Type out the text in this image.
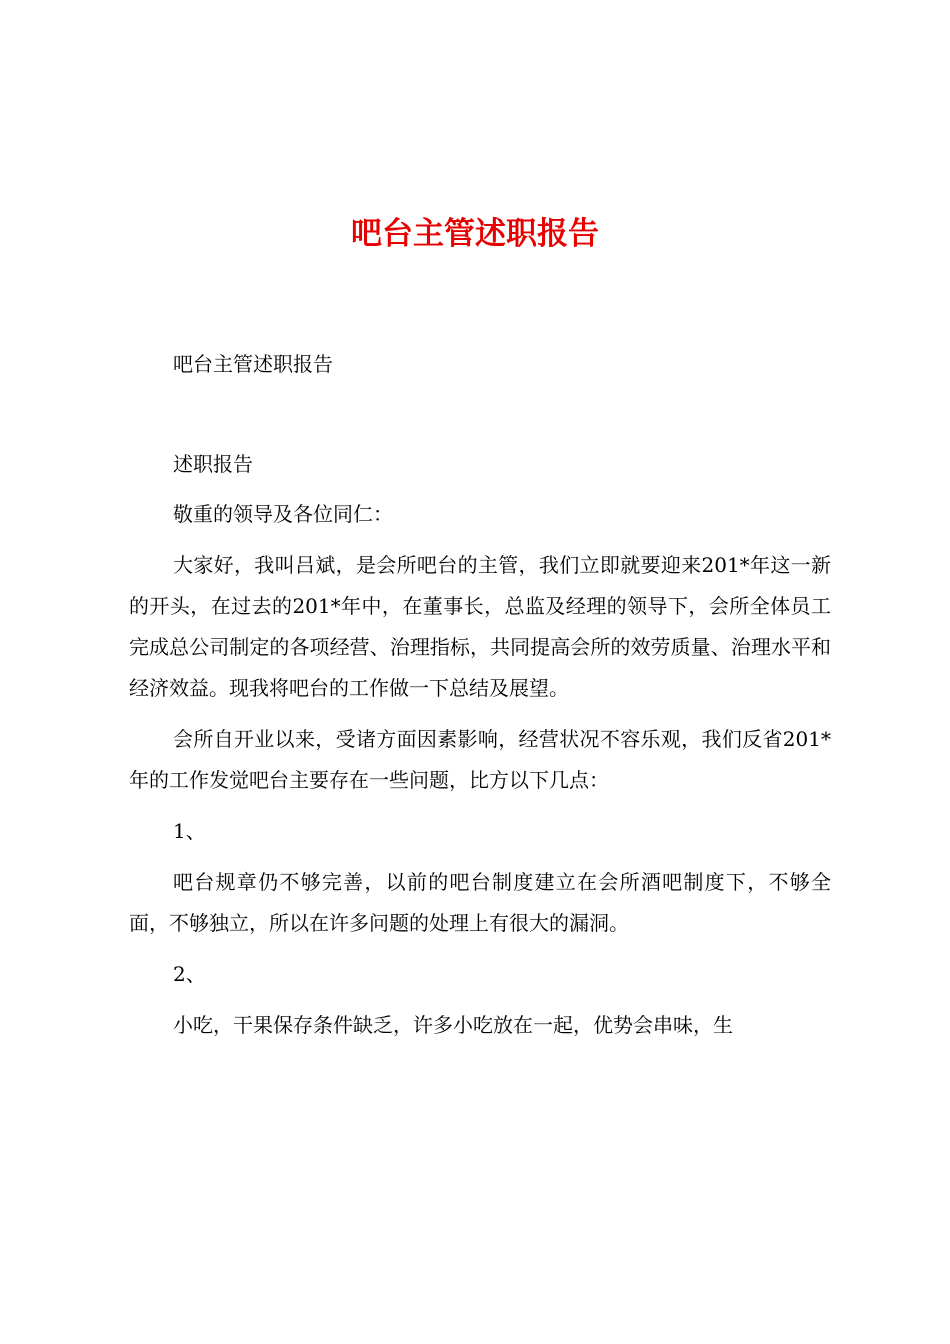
吧台主管述职报告

吧台主管述职报告

述职报告

敬重的领导及各位同仁：

大家好，我叫吕斌，是会所吧台的主管，我们立即就要迎来201*年这一新的开头，在过去的201*年中，在董事长，总监及经理的领导下，会所全体员工完成总公司制定的各项经营、治理指标，共同提高会所的效劳质量、治理水平和经济效益。现我将吧台的工作做一下总结及展望。

会所自开业以来，受诸方面因素影响，经营状况不容乐观，我们反省201*年的工作发觉吧台主要存在一些问题，比方以下几点：

1、

吧台规章仍不够完善，以前的吧台制度建立在会所酒吧制度下，不够全面，不够独立，所以在许多问题的处理上有很大的漏洞。

2、

小吃，干果保存条件缺乏，许多小吃放在一起，优势会串味，生
